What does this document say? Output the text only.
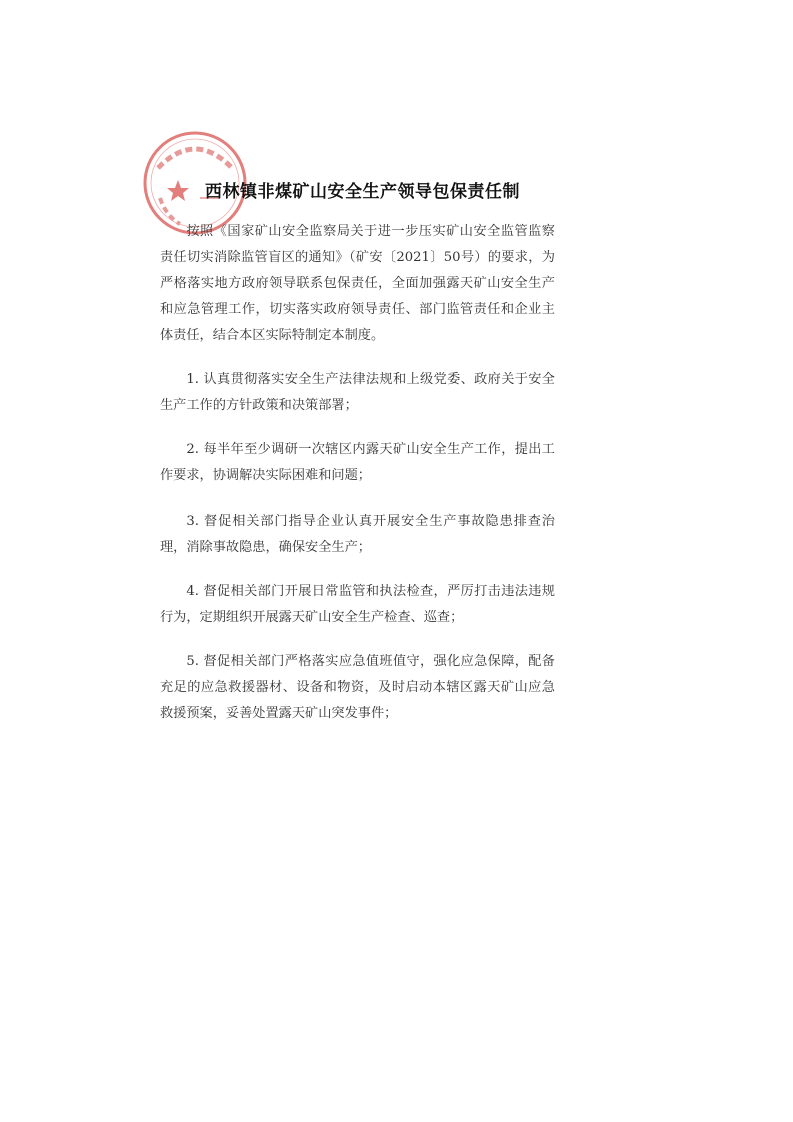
西林镇非煤矿山安全生产领导包保责任制

按照《国家矿山安全监察局关于进一步压实矿山安全监管监察责任切实消除监管盲区的通知》（矿安〔2021〕50号）的要求，为严格落实地方政府领导联系包保责任，全面加强露天矿山安全生产和应急管理工作，切实落实政府领导责任、部门监管责任和企业主体责任，结合本区实际特制定本制度。

1. 认真贯彻落实安全生产法律法规和上级党委、政府关于安全生产工作的方针政策和决策部署；

2. 每半年至少调研一次辖区内露天矿山安全生产工作，提出工作要求，协调解决实际困难和问题；

3. 督促相关部门指导企业认真开展安全生产事故隐患排查治理，消除事故隐患，确保安全生产；

4. 督促相关部门开展日常监管和执法检查，严厉打击违法违规行为，定期组织开展露天矿山安全生产检查、巡查；

5. 督促相关部门严格落实应急值班值守，强化应急保障，配备充足的应急救援器材、设备和物资，及时启动本辖区露天矿山应急救援预案，妥善处置露天矿山突发事件；
